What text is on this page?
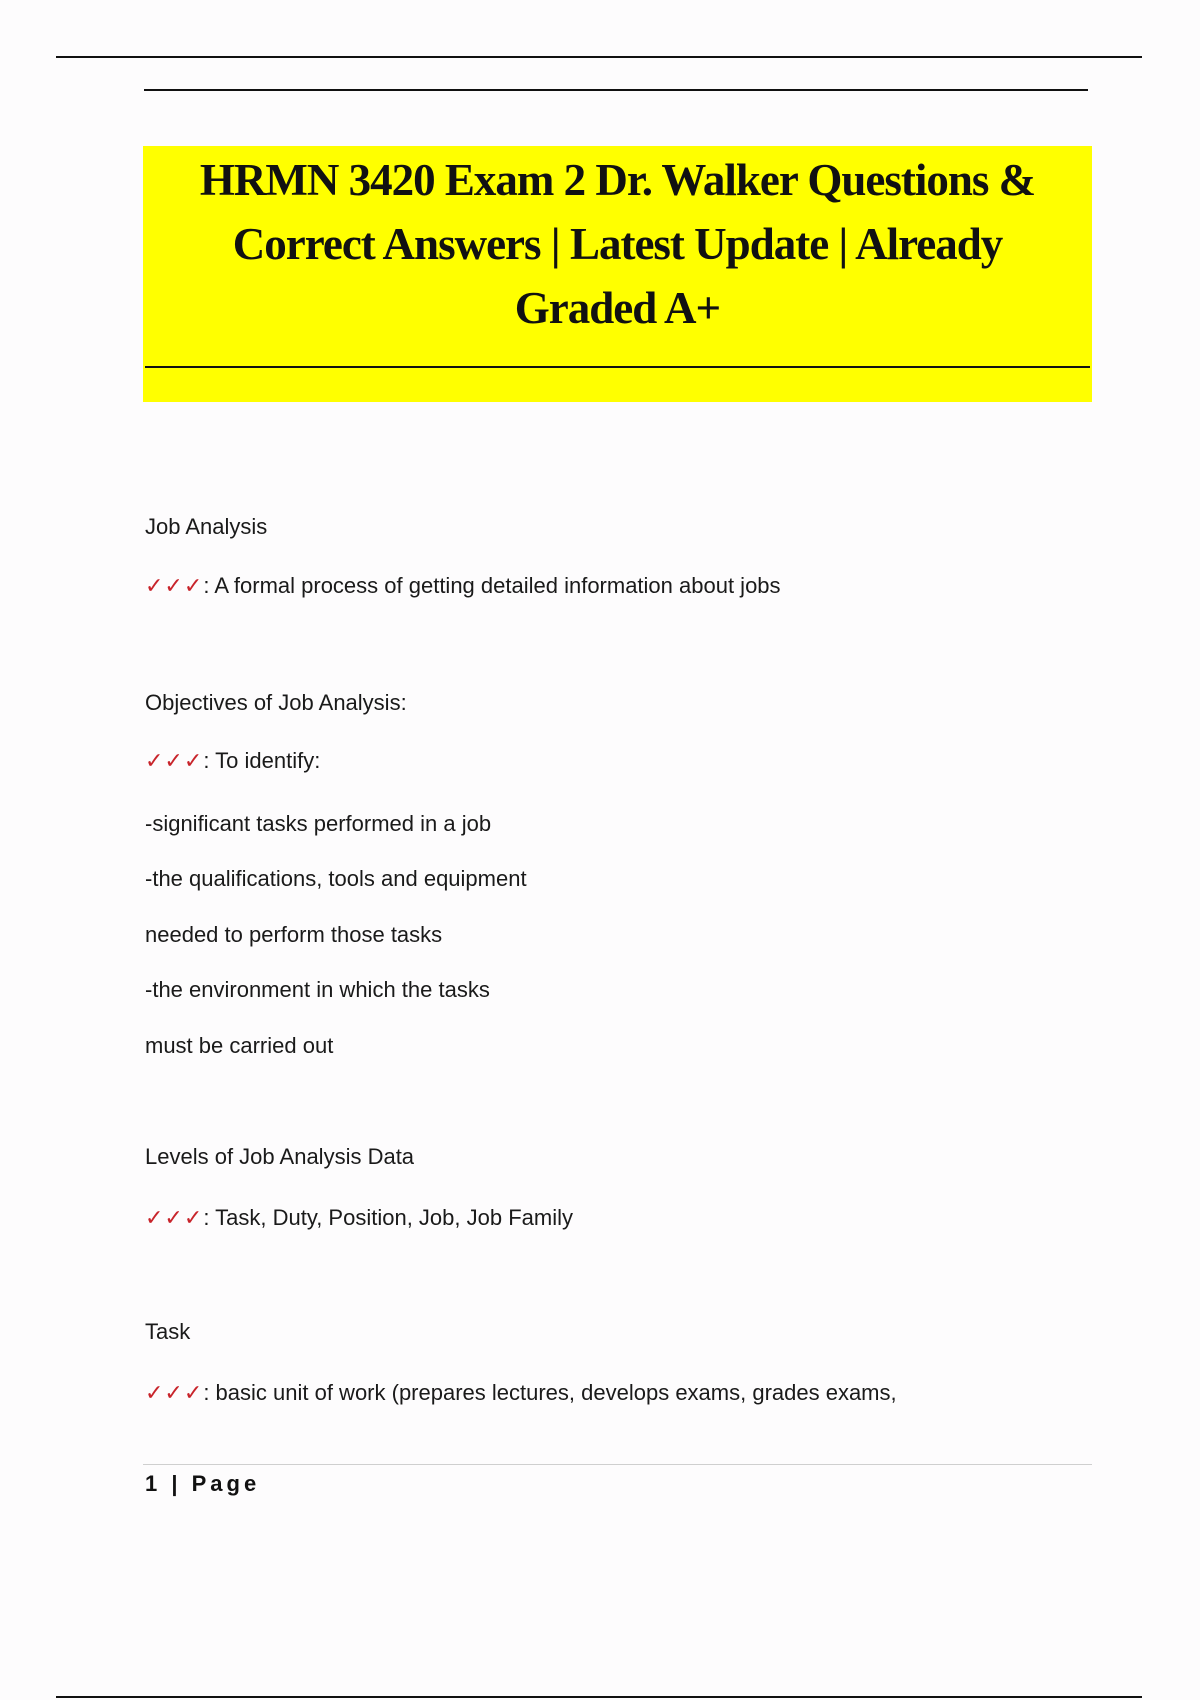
HRMN 3420 Exam 2 Dr. Walker Questions &
Correct Answers | Latest Update | Already
Graded A+
Job Analysis
✓✓✓: A formal process of getting detailed information about jobs
Objectives of Job Analysis:
✓✓✓: To identify:
-significant tasks performed in a job
-the qualifications, tools and equipment
needed to perform those tasks
-the environment in which the tasks
must be carried out
Levels of Job Analysis Data
✓✓✓: Task, Duty, Position, Job, Job Family
Task
✓✓✓: basic unit of work (prepares lectures, develops exams, grades exams,
1 | Page
